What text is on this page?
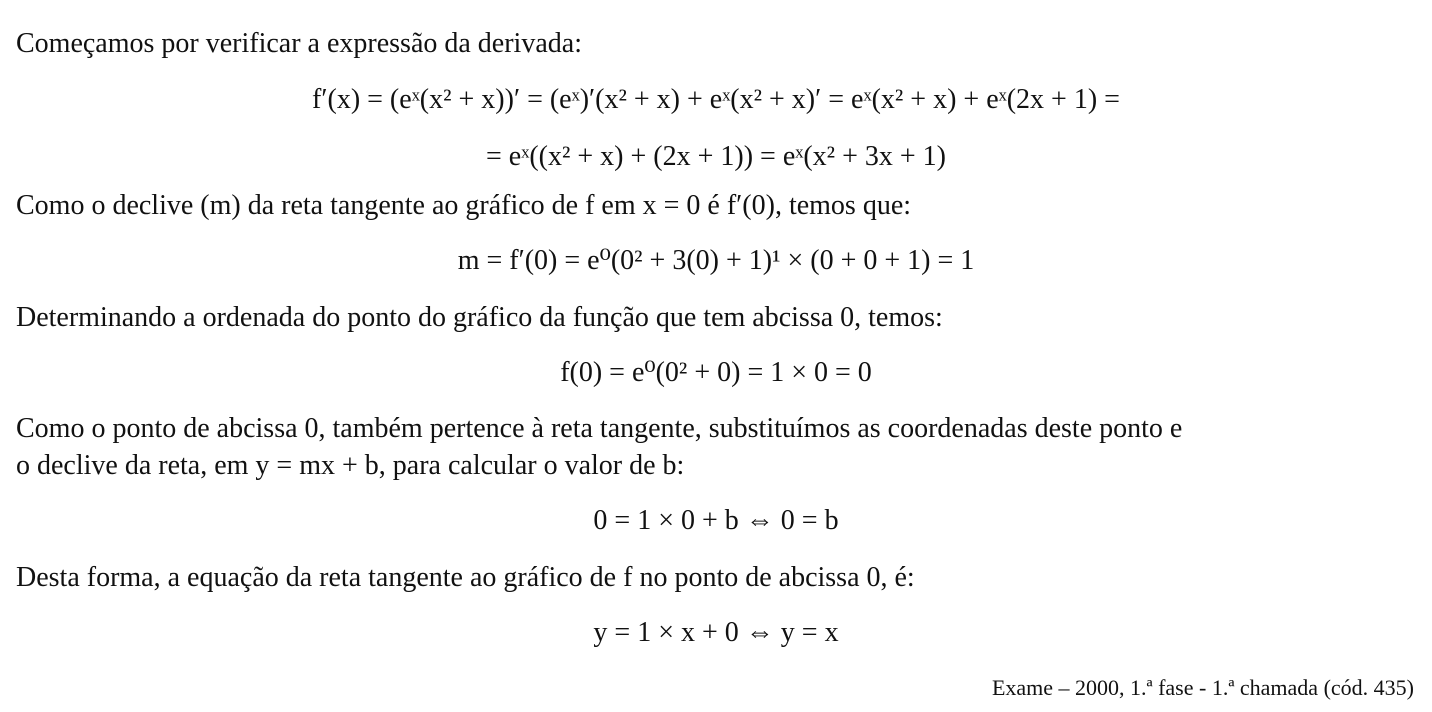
Começamos por verificar a expressão da derivada:
f′(x) = (eˣ(x² + x))′ = (eˣ)′(x² + x) + eˣ(x² + x)′ = eˣ(x² + x) + eˣ(2x + 1) =
= eˣ((x² + x) + (2x + 1)) = eˣ(x² + 3x + 1)
Como o declive (m) da reta tangente ao gráfico de f em x = 0 é f′(0), temos que:
m = f′(0) = e⁰(0² + 3(0) + 1)¹ × (0 + 0 + 1) = 1
Determinando a ordenada do ponto do gráfico da função que tem abcissa 0, temos:
f(0) = e⁰(0² + 0) = 1 × 0 = 0
Como o ponto de abcissa 0, também pertence à reta tangente, substituímos as coordenadas deste ponto e
o declive da reta, em y = mx + b, para calcular o valor de b:
0 = 1 × 0 + b ⇔ 0 = b
Desta forma, a equação da reta tangente ao gráfico de f no ponto de abcissa 0, é:
y = 1 × x + 0 ⇔ y = x
Exame – 2000, 1.ª fase - 1.ª chamada (cód. 435)
